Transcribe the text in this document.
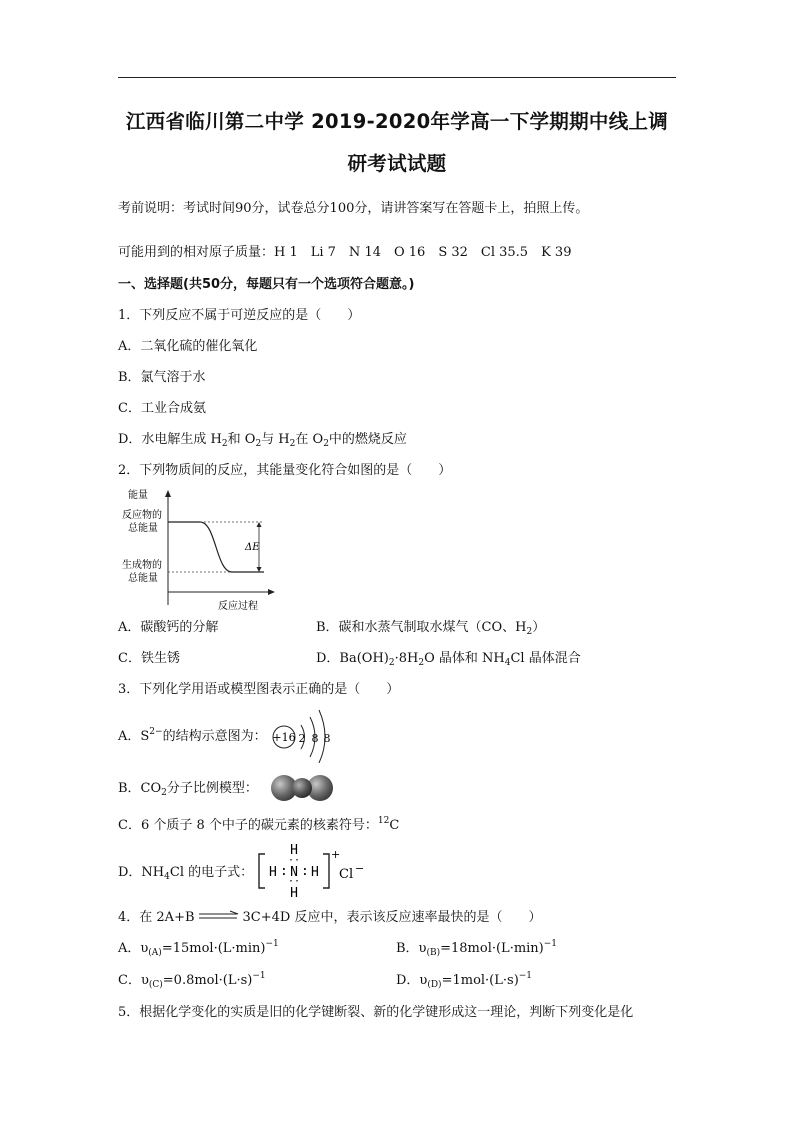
江西省临川第二中学 2019-2020年学高一下学期期中线上调
研考试试题
考前说明：考试时间90分，试卷总分100分，请讲答案写在答题卡上，拍照上传。
可能用到的相对原子质量：H 1　Li 7　N 14　O 16　S 32　Cl 35.5　K 39
一、选择题(共50分，每题只有一个选项符合题意。)
1．下列反应不属于可逆反应的是（　　）
A．二氧化硫的催化氧化
B．氯气溶于水
C．工业合成氨
D．水电解生成 $H_2$和 $O_2$与 $H_2$在 $O_2$中的燃烧反应
2．下列物质间的反应，其能量变化符合如图的是（　　）
能量
反应物的
总能量
生成物的
总能量
ΔE
反应过程
A．碳酸钙的分解	B．碳和水蒸气制取水煤气（CO、$H_2$）
C．铁生锈	D．$Ba(OH)_2\cdot 8H_2O$ 晶体和 $NH_4Cl$ 晶体混合
3．下列化学用语或模型图表示正确的是（　　）
A．$S^{2-}$的结构示意图为： +16 2 8 8
B．$CO_2$分子比例模型：
C．6 个质子 8 个中子的碳元素的核素符号：$^{12}$C
D．$NH_4Cl$ 的电子式：
H
··
H : N : H
··
H
+
Cl −
4．在 2A+B	3C+4D 反应中，表示该反应速率最快的是（　　）
A．$\upsilon_{(A)}=15mol\cdot(L\cdot\min)^{-1}$	B．$\upsilon_{(B)}=18mol\cdot(L\cdot\min)^{-1}$
C．$\upsilon_{(C)}=0.8mol\cdot(L\cdot s)^{-1}$	D．$\upsilon_{(D)}=1mol\cdot(L\cdot s)^{-1}$
5．根据化学变化的实质是旧的化学键断裂、新的化学键形成这一理论，判断下列变化是化
